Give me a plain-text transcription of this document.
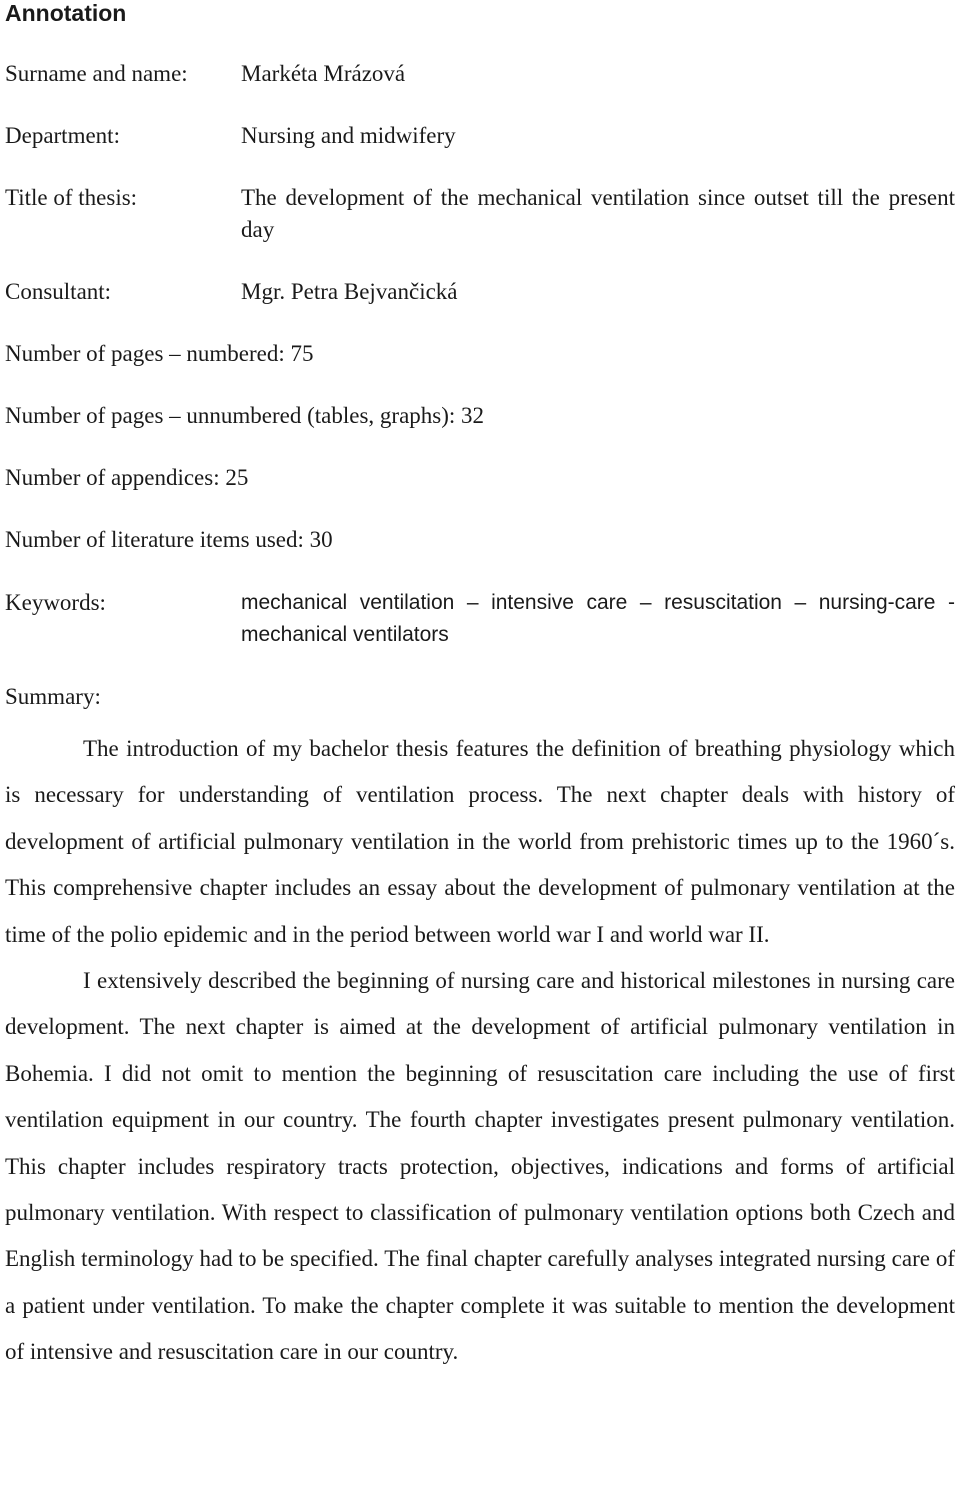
Annotation
Surname and name: Markéta Mrázová
Department:	Nursing and midwifery
Title of thesis:	The development of the mechanical ventilation since outset till the present day
Consultant:	Mgr. Petra Bejvančická
Number of pages ‒ numbered: 75
Number of pages ‒ unnumbered (tables, graphs): 32
Number of appendices: 25
Number of literature items used: 30
Keywords:	mechanical ventilation ‒ intensive care ‒ resuscitation ‒ nursing-care - mechanical ventilators
Summary:

The introduction of my bachelor thesis features the definition of breathing physiology which is necessary for understanding of ventilation process. The next chapter deals with history of development of artificial pulmonary ventilation in the world from prehistoric times up to the 1960´s. This comprehensive chapter includes an essay about the development of pulmonary ventilation at the time of the polio epidemic and in the period between world war I and world war II.

I extensively described the beginning of nursing care and historical milestones in nursing care development. The next chapter is aimed at the development of artificial pulmonary ventilation in Bohemia. I did not omit to mention the beginning of resuscitation care including the use of first ventilation equipment in our country. The fourth chapter investigates present pulmonary ventilation. This chapter includes respiratory tracts protection, objectives, indications and forms of artificial pulmonary ventilation. With respect to classification of pulmonary ventilation options both Czech and English terminology had to be specified. The final chapter carefully analyses integrated nursing care of a patient under ventilation. To make the chapter complete it was suitable to mention the development of intensive and resuscitation care in our country.
